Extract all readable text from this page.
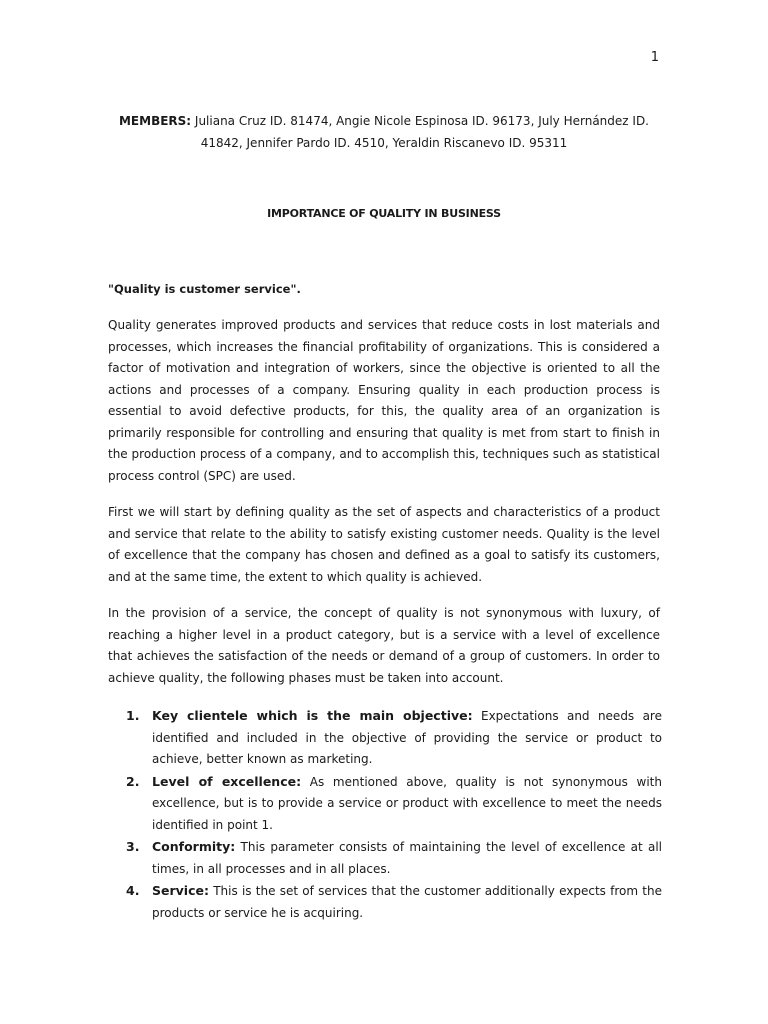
1
MEMBERS: Juliana Cruz ID. 81474, Angie Nicole Espinosa ID. 96173, July Hernández ID.
41842, Jennifer Pardo ID. 4510, Yeraldin Riscanevo ID. 95311
IMPORTANCE OF QUALITY IN BUSINESS
"Quality is customer service".

Quality generates improved products and services that reduce costs in lost materials and processes, which increases the financial profitability of organizations. This is considered a factor of motivation and integration of workers, since the objective is oriented to all the actions and processes of a company. Ensuring quality in each production process is essential to avoid defective products, for this, the quality area of an organization is primarily responsible for controlling and ensuring that quality is met from start to finish in the production process of a company, and to accomplish this, techniques such as statistical process control (SPC) are used.

First we will start by defining quality as the set of aspects and characteristics of a product and service that relate to the ability to satisfy existing customer needs. Quality is the level of excellence that the company has chosen and defined as a goal to satisfy its customers, and at the same time, the extent to which quality is achieved.

In the provision of a service, the concept of quality is not synonymous with luxury, of reaching a higher level in a product category, but is a service with a level of excellence that achieves the satisfaction of the needs or demand of a group of customers. In order to achieve quality, the following phases must be taken into account.

1. Key clientele which is the main objective: Expectations and needs are identified and included in the objective of providing the service or product to achieve, better known as marketing.
2. Level of excellence: As mentioned above, quality is not synonymous with excellence, but is to provide a service or product with excellence to meet the needs identified in point 1.
3. Conformity: This parameter consists of maintaining the level of excellence at all times, in all processes and in all places.
4. Service: This is the set of services that the customer additionally expects from the products or service he is acquiring.
